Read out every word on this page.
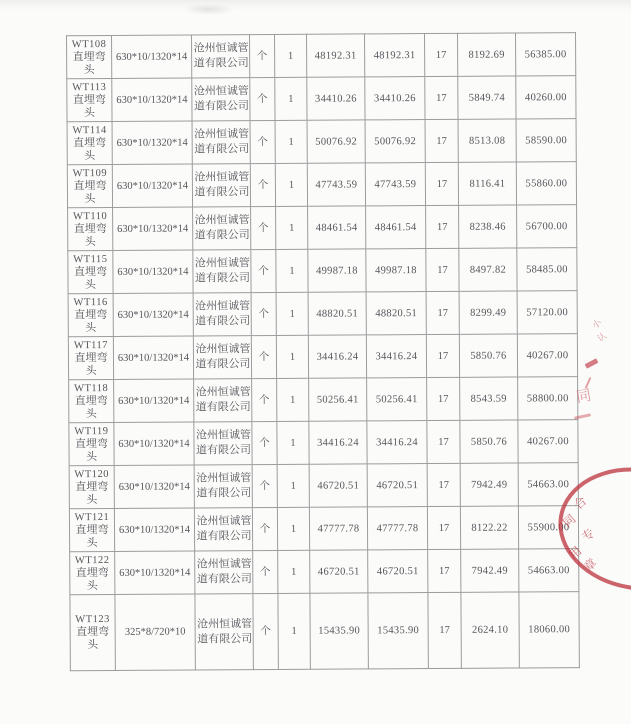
WT108
直埋弯头	630*10/1320*14	沧州恒诚管道有限公司	个	1	48192.31	48192.31	17	8192.69	56385.00

WT113
直埋弯头	630*10/1320*14	沧州恒诚管道有限公司	个	1	34410.26	34410.26	17	5849.74	40260.00

WT114
直埋弯头	630*10/1320*14	沧州恒诚管道有限公司	个	1	50076.92	50076.92	17	8513.08	58590.00

WT109
直埋弯头	630*10/1320*14	沧州恒诚管道有限公司	个	1	47743.59	47743.59	17	8116.41	55860.00

WT110
直埋弯头	630*10/1320*14	沧州恒诚管道有限公司	个	1	48461.54	48461.54	17	8238.46	56700.00

WT115
直埋弯头	630*10/1320*14	沧州恒诚管道有限公司	个	1	49987.18	49987.18	17	8497.82	58485.00

WT116
直埋弯头	630*10/1320*14	沧州恒诚管道有限公司	个	1	48820.51	48820.51	17	8299.49	57120.00

WT117
直埋弯头	630*10/1320*14	沧州恒诚管道有限公司	个	1	34416.24	34416.24	17	5850.76	40267.00

WT118
直埋弯头	630*10/1320*14	沧州恒诚管道有限公司	个	1	50256.41	50256.41	17	8543.59	58800.00

WT119
直埋弯头	630*10/1320*14	沧州恒诚管道有限公司	个	1	34416.24	34416.24	17	5850.76	40267.00

WT120
直埋弯头	630*10/1320*14	沧州恒诚管道有限公司	个	1	46720.51	46720.51	17	7942.49	54663.00

WT121
直埋弯头	630*10/1320*14	沧州恒诚管道有限公司	个	1	47777.78	47777.78	17	8122.22	55900.00

WT122
直埋弯头	630*10/1320*14	沧州恒诚管道有限公司	个	1	46720.51	46720.51	17	7942.49	54663.00

WT123
直埋弯头	325*8/720*10	沧州恒诚管道有限公司	个	1	15435.90	15435.90	17	2624.10	18060.00
小
认
同
合
同
专
用
章
